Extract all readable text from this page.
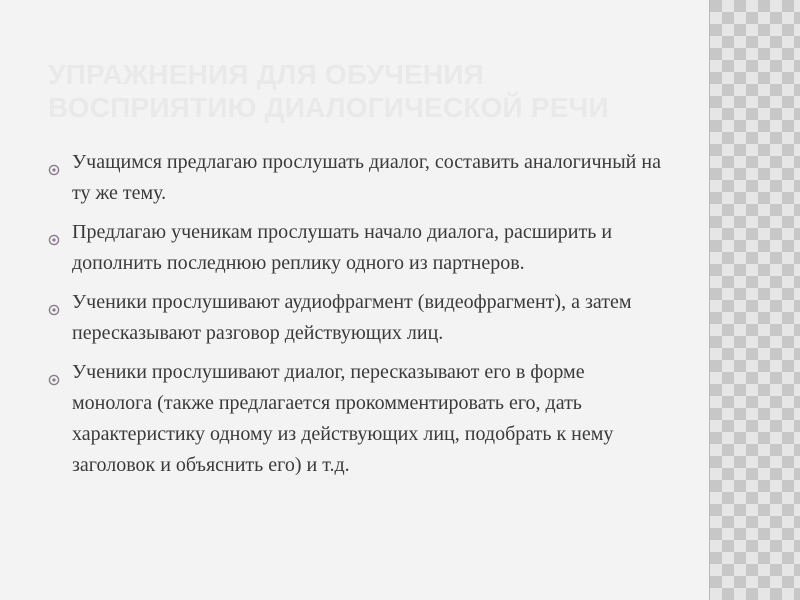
УПРАЖНЕНИЯ ДЛЯ ОБУЧЕНИЯ ВОСПРИЯТИЮ ДИАЛОГИЧЕСКОЙ РЕЧИ
Учащимся предлагаю прослушать диалог, составить аналогичный на ту же тему.
Предлагаю ученикам прослушать начало диалога, расширить и дополнить последнюю реплику одного из партнеров.
Ученики прослушивают аудиофрагмент (видеофрагмент), а затем пересказывают разговор действующих лиц.
Ученики прослушивают диалог, пересказывают его в форме монолога (также предлагается прокомментировать его, дать характеристику одному из действующих лиц, подобрать к нему заголовок и объяснить его) и т.д.
